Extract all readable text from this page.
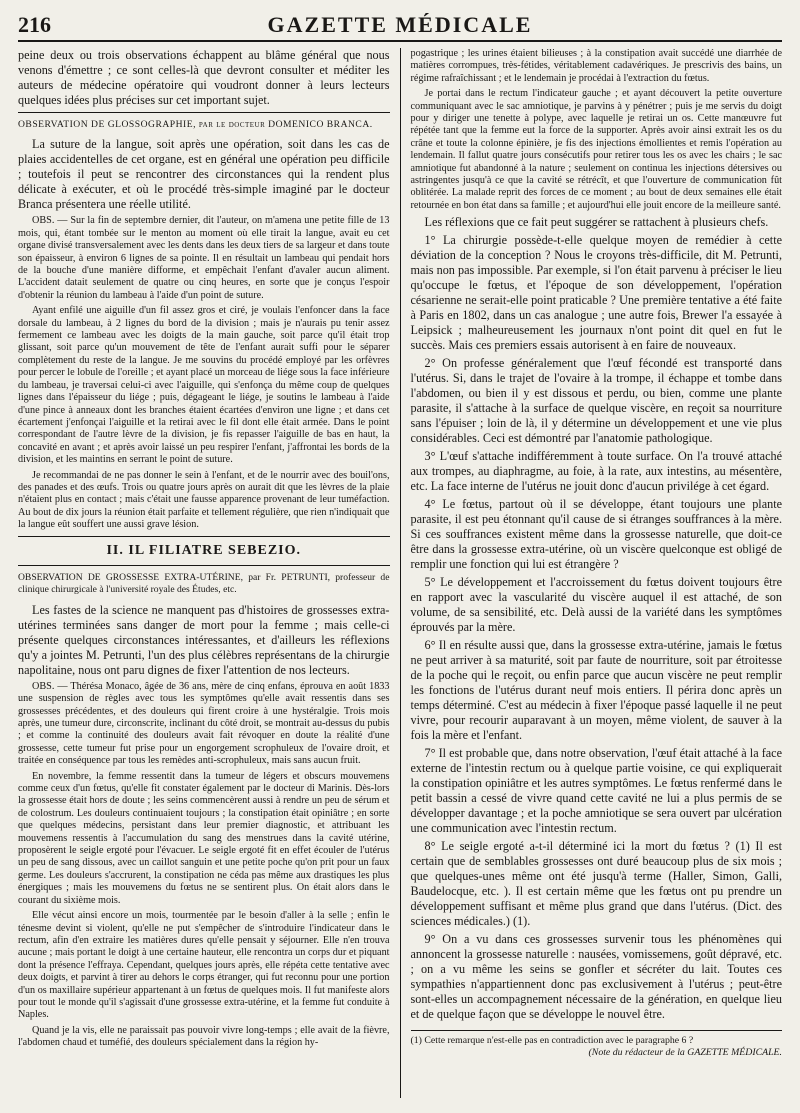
216	GAZETTE MÉDICALE

peine deux ou trois observations échappent au blâme général que nous venons d'émettre ; ce sont celles-là que devront consulter et méditer les auteurs de médecine opératoire qui voudront donner à leurs lecteurs quelques idées plus précises sur cet important sujet.

OBSERVATION DE GLOSSOGRAPHIE, par le docteur DOMENICO BRANCA.

La suture de la langue, soit après une opération, soit dans les cas de plaies accidentelles de cet organe, est en général une opération peu difficile ; toutefois il peut se rencontrer des circonstances qui la rendent plus délicate à exécuter, et où le procédé très-simple imaginé par le docteur Branca présentera une réelle utilité.

OBS. — Sur la fin de septembre dernier, dit l'auteur, on m'amena une petite fille de 13 mois, qui, étant tombée sur le menton au moment où elle tirait la langue, avait eu cet organe divisé transversalement avec les dents dans les deux tiers de sa largeur et dans toute son épaisseur, à environ 6 lignes de sa pointe. Il en résultait un lambeau qui pendait hors de la bouche d'une manière difforme, et empêchait l'enfant d'avaler aucun aliment. L'accident datait seulement de quatre ou cinq heures, en sorte que je conçus l'espoir d'obtenir la réunion du lambeau à l'aide d'un point de suture.

Ayant enfilé une aiguille d'un fil assez gros et ciré, je voulais l'enfoncer dans la face dorsale du lambeau, à 2 lignes du bord de la division ; mais je n'aurais pu tenir assez fermement ce lambeau avec les doigts de la main gauche, soit parce qu'il était trop glissant, soit parce qu'un mouvement de tête de l'enfant aurait suffi pour le séparer complètement du reste de la langue. Je me souvins du procédé employé par les orfèvres pour percer le lobule de l'oreille ; et ayant placé un morceau de liége sous la face inférieure du lambeau, je traversai celui-ci avec l'aiguille, qui s'enfonça du même coup de quelques lignes dans l'épaisseur du liége ; puis, dégageant le liége, je soutins le lambeau à l'aide d'une pince à anneaux dont les branches étaient écartées d'environ une ligne ; et dans cet écartement j'enfonçai l'aiguille et la retirai avec le fil dont elle était armée. Dans le point correspondant de l'autre lèvre de la division, je fis repasser l'aiguille de bas en haut, la concavité en avant ; et après avoir laissé un peu respirer l'enfant, j'affrontai les bords de la division, et les maintins en serrant le point de suture.

Je recommandai de ne pas donner le sein à l'enfant, et de le nourrir avec des bouil'ons, des panades et des œufs. Trois ou quatre jours après on aurait dit que les lèvres de la plaie n'étaient plus en contact ; mais c'était une fausse apparence provenant de leur tuméfaction. Au bout de dix jours la réunion était parfaite et tellement régulière, que rien n'indiquait que la langue eût souffert une aussi grave lésion.

II. IL FILIATRE SEBEZIO.

OBSERVATION DE GROSSESSE EXTRA-UTÉRINE, par Fr. PETRUNTI, professeur de clinique chirurgicale à l'université royale des Études, etc.

Les fastes de la science ne manquent pas d'histoires de grossesses extra-utérines terminées sans danger de mort pour la femme ; mais celle-ci présente quelques circonstances intéressantes, et d'ailleurs les réflexions qu'y a jointes M. Petrunti, l'un des plus célèbres représentans de la chirurgie napolitaine, nous ont paru dignes de fixer l'attention de nos lecteurs.

OBS. — Thérésa Monaco, âgée de 36 ans, mère de cinq enfans, éprouva en août 1833 une suspension de règles avec tous les symptômes qu'elle avait ressentis dans ses grossesses précédentes, et des douleurs qui firent croire à une hystéralgie. Trois mois après, une tumeur dure, circonscrite, inclinant du côté droit, se montrait au-dessus du pubis ; et comme la continuité des douleurs avait fait révoquer en doute la réalité d'une grossesse, cette tumeur fut prise pour un engorgement scrophuleux de l'ovaire droit, et traitée en conséquence par tous les remèdes anti-scrophuleux, mais sans aucun fruit.

En novembre, la femme ressentit dans la tumeur de légers et obscurs mouvemens comme ceux d'un fœtus, qu'elle fit constater également par le docteur di Marinis. Dès-lors la grossesse était hors de doute ; les seins commencèrent aussi à rendre un peu de sérum et de colostrum. Les douleurs continuaient toujours ; la constipation était opiniâtre ; en sorte que quelques médecins, persistant dans leur premier diagnostic, et attribuant les mouvemens ressentis à l'accumulation du sang des menstrues dans la cavité utérine, proposèrent le seigle ergoté pour l'évacuer. Le seigle ergoté fit en effet écouler de l'utérus un peu de sang dissous, avec un caillot sanguin et une petite poche qu'on prit pour un faux germe. Les douleurs s'accrurent, la constipation ne céda pas même aux drastiques les plus énergiques ; mais les mouvemens du fœtus ne se sentirent plus. On était alors dans le courant du sixième mois.

Elle vécut ainsi encore un mois, tourmentée par le besoin d'aller à la selle ; enfin le ténesme devint si violent, qu'elle ne put s'empêcher de s'introduire l'indicateur dans le rectum, afin d'en extraire les matières dures qu'elle pensait y séjourner. Elle n'en trouva aucune ; mais portant le doigt à une certaine hauteur, elle rencontra un corps dur et piquant dont la présence l'effraya. Cependant, quelques jours après, elle répéta cette tentative avec deux doigts, et parvint à tirer au dehors le corps étranger, qui fut reconnu pour une portion d'un os maxillaire supérieur appartenant à un fœtus de quelques mois. Il fut manifeste alors pour tout le monde qu'il s'agissait d'une grossesse extra-utérine, et la femme fut conduite à Naples.

Quand je la vis, elle ne paraissait pas pouvoir vivre long-temps ; elle avait de la fièvre, l'abdomen chaud et tuméfié, des douleurs spécialement dans la région hy-

pogastrique ; les urines étaient bilieuses ; à la constipation avait succédé une diarrhée de matières corrompues, très-fétides, véritablement cadavériques. Je prescrivis des bains, un régime rafraîchissant ; et le lendemain je procédai à l'extraction du fœtus.

Je portai dans le rectum l'indicateur gauche ; et ayant découvert la petite ouverture communiquant avec le sac amniotique, je parvins à y pénétrer ; puis je me servis du doigt pour y diriger une tenette à polype, avec laquelle je retirai un os. Cette manœuvre fut répétée tant que la femme eut la force de la supporter. Après avoir ainsi extrait les os du crâne et toute la colonne épinière, je fis des injections émollientes et remis l'opération au lendemain. Il fallut quatre jours consécutifs pour retirer tous les os avec les chairs ; le sac amniotique fut abandonné à la nature ; seulement on continua les injections détersives ou astringentes jusqu'à ce que la cavité se rétrécît, et que l'ouverture de communication fût oblitérée. La malade reprit des forces de ce moment ; au bout de deux semaines elle était retournée en bon état dans sa famille ; et aujourd'hui elle jouit encore de la meilleure santé.

Les réflexions que ce fait peut suggérer se rattachent à plusieurs chefs.

1° La chirurgie possède-t-elle quelque moyen de remédier à cette déviation de la conception ? Nous le croyons très-difficile, dit M. Petrunti, mais non pas impossible. Par exemple, si l'on était parvenu à préciser le lieu qu'occupe le fœtus, et l'époque de son développement, l'opération césarienne ne serait-elle point praticable ? Une première tentative a été faite à Paris en 1802, dans un cas analogue ; une autre fois, Brewer l'a essayée à Leipsick ; malheureusement les journaux n'ont point dit quel en fut le succès. Mais ces premiers essais autorisent à en faire de nouveaux.

2° On professe généralement que l'œuf fécondé est transporté dans l'utérus. Si, dans le trajet de l'ovaire à la trompe, il échappe et tombe dans l'abdomen, ou bien il y est dissous et perdu, ou bien, comme une plante parasite, il s'attache à la surface de quelque viscère, en reçoit sa nourriture sans l'épuiser ; loin de là, il y détermine un développement et une vie plus considérables. Ceci est démontré par l'anatomie pathologique.

3° L'œuf s'attache indifféremment à toute surface. On l'a trouvé attaché aux trompes, au diaphragme, au foie, à la rate, aux intestins, au mésentère, etc. La face interne de l'utérus ne jouit donc d'aucun privilége à cet égard.

4° Le fœtus, partout où il se développe, étant toujours une plante parasite, il est peu étonnant qu'il cause de si étranges souffrances à la mère. Si ces souffrances existent même dans la grossesse naturelle, que doit-ce être dans la grossesse extra-utérine, où un viscère quelconque est obligé de remplir une fonction qui lui est étrangère ?

5° Le développement et l'accroissement du fœtus doivent toujours être en rapport avec la vascularité du viscère auquel il est attaché, de son volume, de sa sensibilité, etc. Delà aussi de la variété dans les symptômes éprouvés par la mère.

6° Il en résulte aussi que, dans la grossesse extra-utérine, jamais le fœtus ne peut arriver à sa maturité, soit par faute de nourriture, soit par étroitesse de la poche qui le reçoit, ou enfin parce que aucun viscère ne peut remplir les fonctions de l'utérus durant neuf mois entiers. Il périra donc après un temps déterminé. C'est au médecin à fixer l'époque passé laquelle il ne peut vivre, pour recourir auparavant à un moyen, même violent, de sauver à la fois la mère et l'enfant.

7° Il est probable que, dans notre observation, l'œuf était attaché à la face externe de l'intestin rectum ou à quelque partie voisine, ce qui expliquerait la constipation opiniâtre et les autres symptômes. Le fœtus renfermé dans le petit bassin a cessé de vivre quand cette cavité ne lui a plus permis de se développer davantage ; et la poche amniotique se sera ouvert par ulcération une communication avec l'intestin rectum.

8° Le seigle ergoté a-t-il déterminé ici la mort du fœtus ? (1) Il est certain que de semblables grossesses ont duré beaucoup plus de six mois ; que quelques-unes même ont été jusqu'à terme (Haller, Simon, Galli, Baudelocque, etc. ). Il est certain même que les fœtus ont pu prendre un développement suffisant et même plus grand que dans l'utérus. (Dict. des sciences médicales.) (1).

9° On a vu dans ces grossesses survenir tous les phénomènes qui annoncent la grossesse naturelle : nausées, vomissemens, goût dépravé, etc. ; on a vu même les seins se gonfler et sécréter du lait. Toutes ces sympathies n'appartiennent donc pas exclusivement à l'utérus ; peut-être sont-elles un accompagnement nécessaire de la génération, en quelque lieu et de quelque façon que se développe le nouvel être.

(1) Cette remarque n'est-elle pas en contradiction avec le paragraphe 6 ?
(Note du rédacteur de la GAZETTE MÉDICALE.
